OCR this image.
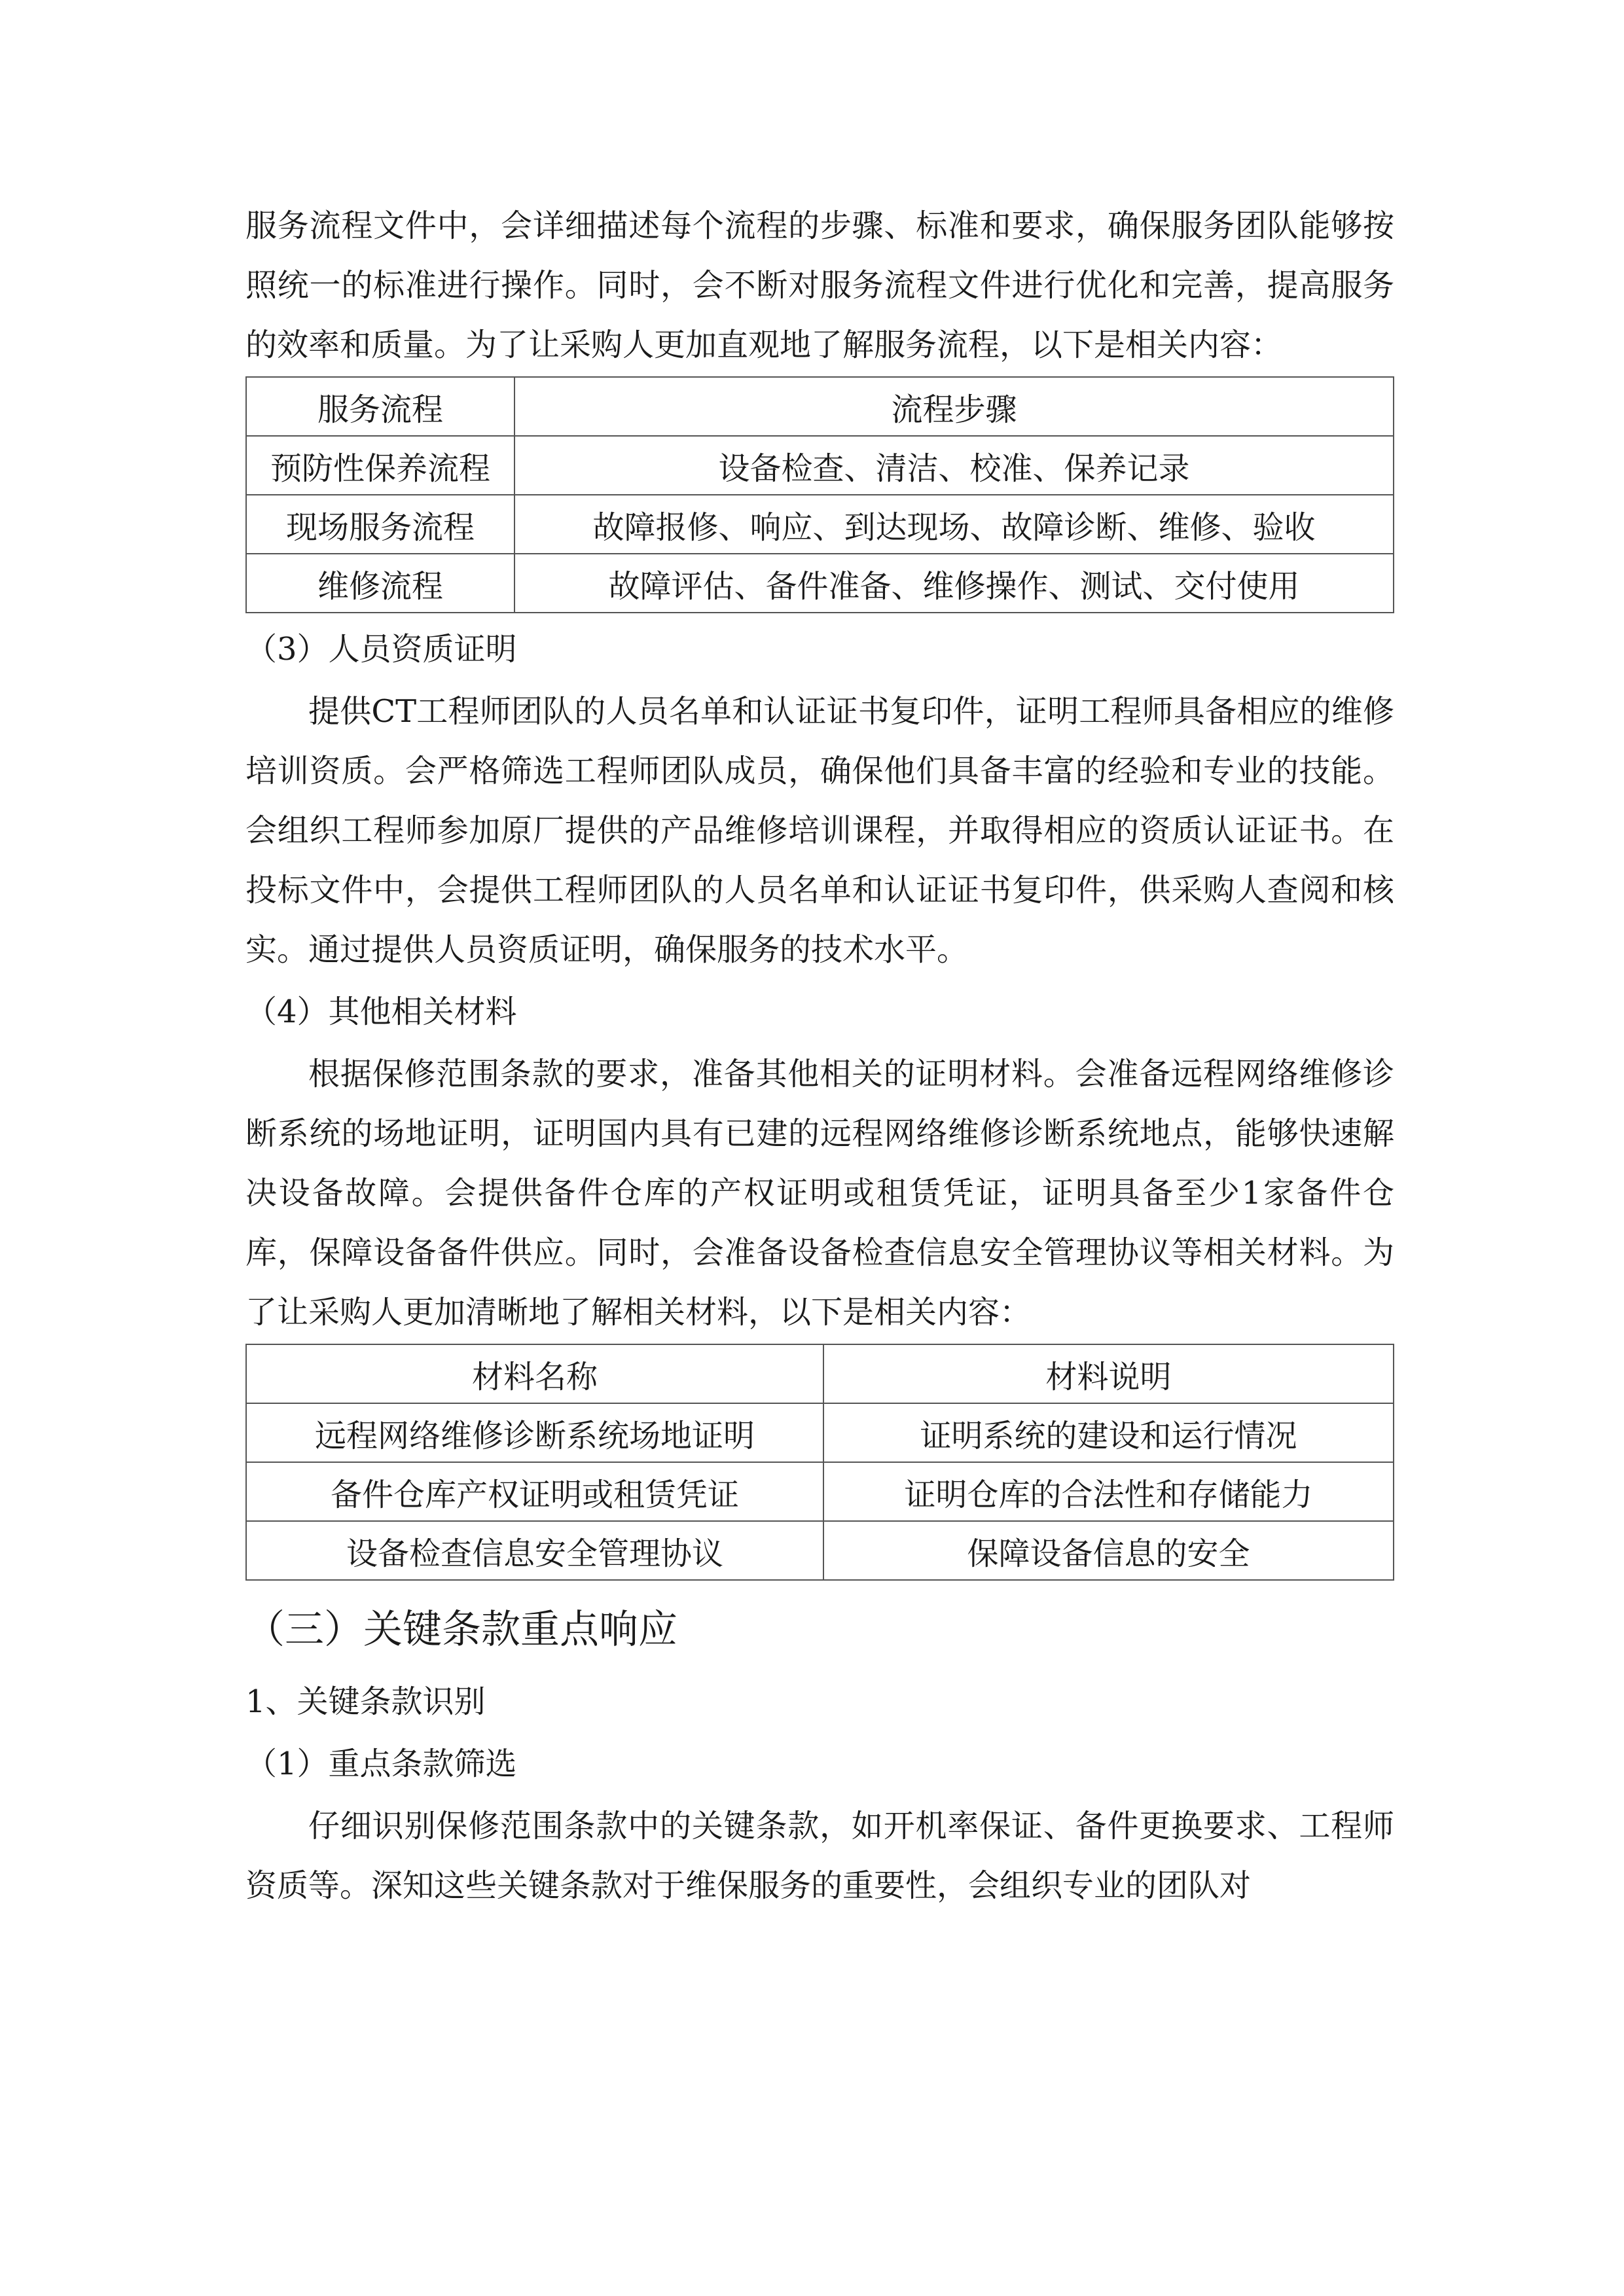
服务流程文件中，会详细描述每个流程的步骤、标准和要求，确保服务团队能够按照统一的标准进行操作。同时，会不断对服务流程文件进行优化和完善，提高服务的效率和质量。为了让采购人更加直观地了解服务流程，以下是相关内容：

服务流程	流程步骤
预防性保养流程	设备检查、清洁、校准、保养记录
现场服务流程	故障报修、响应、到达现场、故障诊断、维修、验收
维修流程	故障评估、备件准备、维修操作、测试、交付使用

（3）人员资质证明

提供CT工程师团队的人员名单和认证证书复印件，证明工程师具备相应的维修培训资质。会严格筛选工程师团队成员，确保他们具备丰富的经验和专业的技能。会组织工程师参加原厂提供的产品维修培训课程，并取得相应的资质认证证书。在投标文件中，会提供工程师团队的人员名单和认证证书复印件，供采购人查阅和核实。通过提供人员资质证明，确保服务的技术水平。

（4）其他相关材料

根据保修范围条款的要求，准备其他相关的证明材料。会准备远程网络维修诊断系统的场地证明，证明国内具有已建的远程网络维修诊断系统地点，能够快速解决设备故障。会提供备件仓库的产权证明或租赁凭证，证明具备至少1家备件仓库，保障设备备件供应。同时，会准备设备检查信息安全管理协议等相关材料。为了让采购人更加清晰地了解相关材料，以下是相关内容：

材料名称	材料说明
远程网络维修诊断系统场地证明	证明系统的建设和运行情况
备件仓库产权证明或租赁凭证	证明仓库的合法性和存储能力
设备检查信息安全管理协议	保障设备信息的安全

（三）关键条款重点响应

1、关键条款识别

（1）重点条款筛选

仔细识别保修范围条款中的关键条款，如开机率保证、备件更换要求、工程师资质等。深知这些关键条款对于维保服务的重要性，会组织专业的团队对
